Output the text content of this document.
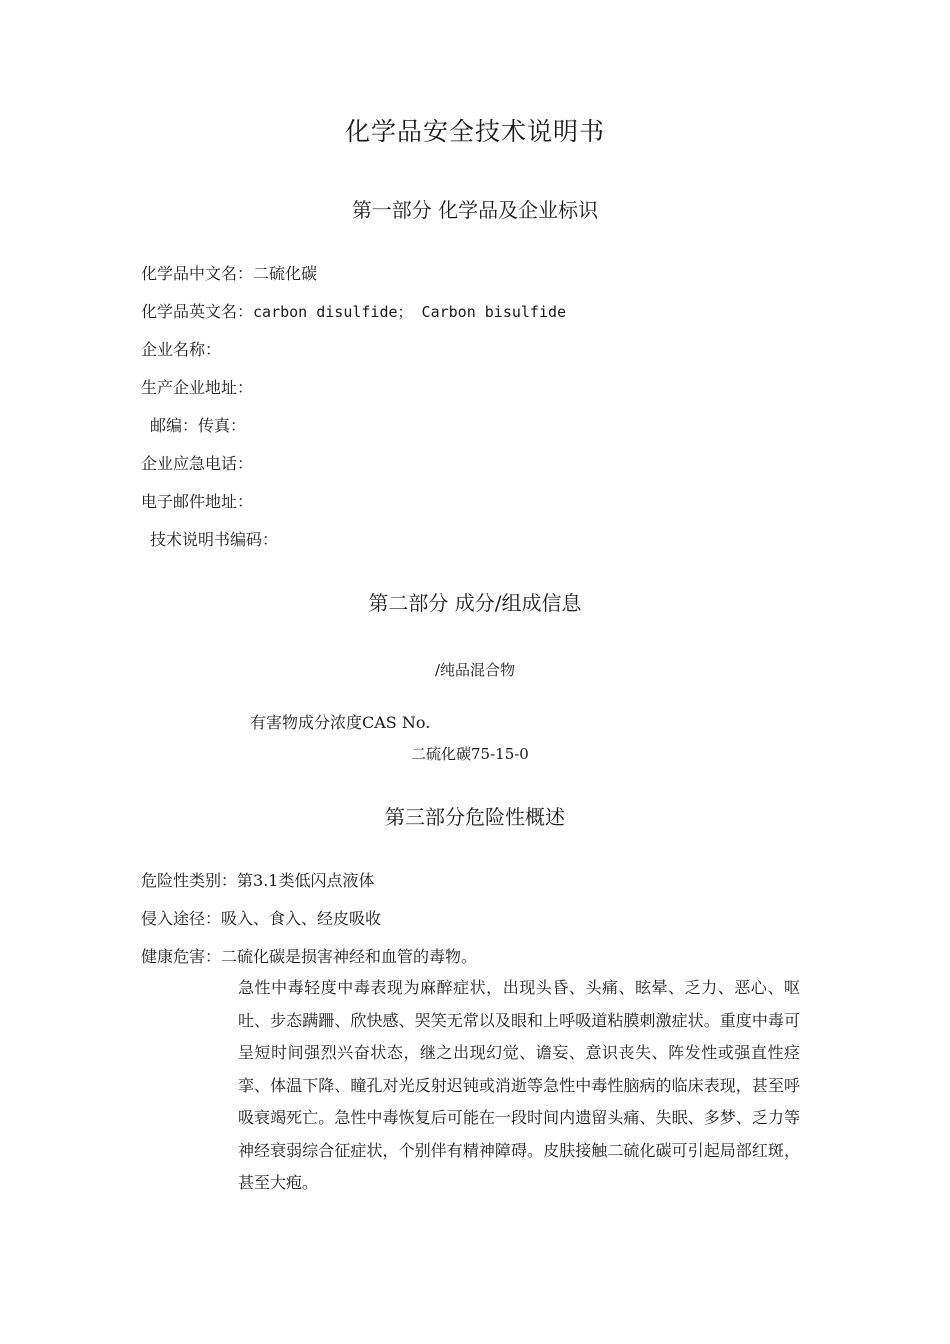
化学品安全技术说明书
第一部分 化学品及企业标识
化学品中文名：二硫化碳
化学品英文名：carbon disulfide； Carbon bisulfide
企业名称：
生产企业地址：
邮编：传真：
企业应急电话：
电子邮件地址：
技术说明书编码：
第二部分 成分/组成信息
/纯品混合物
有害物成分浓度CAS No.
二硫化碳75-15-0
第三部分危险性概述
危险性类别：第3.1类低闪点液体
侵入途径：吸入、食入、经皮吸收
健康危害：二硫化碳是损害神经和血管的毒物。
急性中毒轻度中毒表现为麻醉症状，出现头昏、头痛、眩晕、乏力、恶心、呕吐、步态蹒跚、欣快感、哭笑无常以及眼和上呼吸道粘膜刺激症状。重度中毒可呈短时间强烈兴奋状态，继之出现幻觉、谵妄、意识丧失、阵发性或强直性痉挛、体温下降、瞳孔对光反射迟钝或消逝等急性中毒性脑病的临床表现，甚至呼吸衰竭死亡。急性中毒恢复后可能在一段时间内遗留头痛、失眠、多梦、乏力等神经衰弱综合征症状，个别伴有精神障碍。皮肤接触二硫化碳可引起局部红斑，甚至大疱。
